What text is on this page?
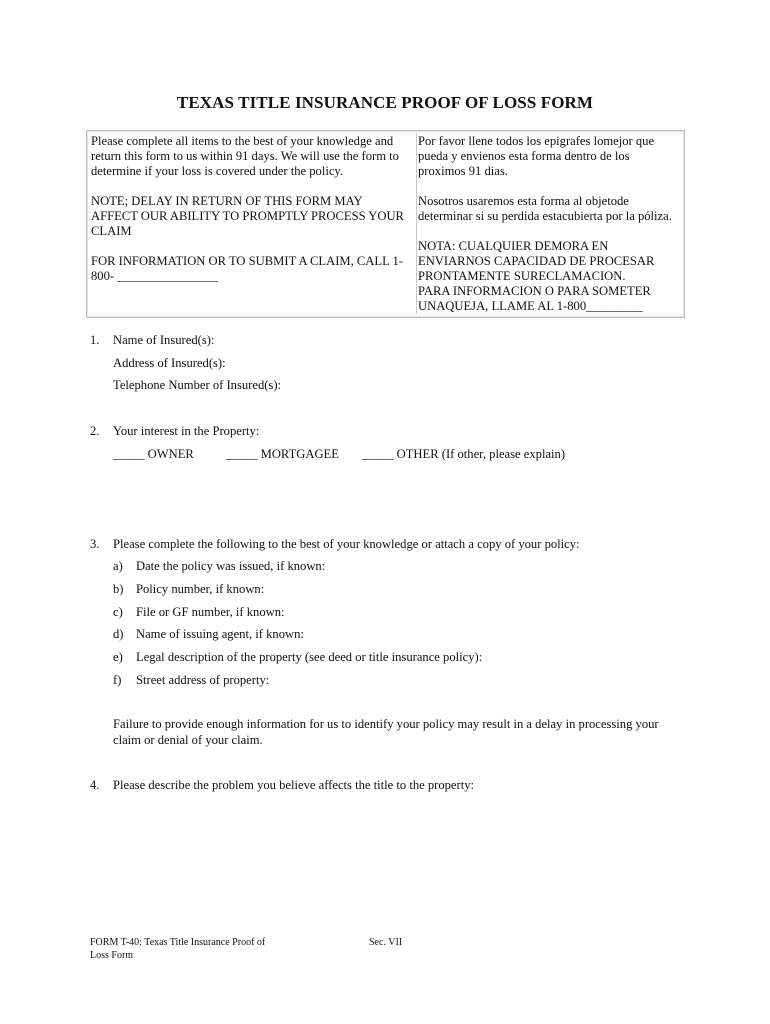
TEXAS TITLE INSURANCE PROOF OF LOSS FORM

Please complete all items to the best of your knowledge and
return this form to us within 91 days. We will use the form to
determine if your loss is covered under the policy.

NOTE; DELAY IN RETURN OF THIS FORM MAY
AFFECT OUR ABILITY TO PROMPTLY PROCESS YOUR
CLAIM

FOR INFORMATION OR TO SUBMIT A CLAIM, CALL 1-
800- ________________

Por favor llene todos los epigrafes lomejor que
pueda y envienos esta forma dentro de los
proximos 91 dias.

Nosotros usaremos esta forma al objetode
determinar si su perdida estacubierta por la póliza.

NOTA: CUALQUIER DEMORA EN
ENVIARNOS CAPACIDAD DE PROCESAR
PRONTAMENTE SURECLAMACION.
PARA INFORMACION O PARA SOMETER
UNAQUEJA, LLAME AL 1-800_________

1.	Name of Insured(s):
Address of Insured(s):
Telephone Number of Insured(s):
2.	Your interest in the Property:
_____ OWNER	_____ MORTGAGEE _____ OTHER (If other, please explain)
3.	Please complete the following to the best of your knowledge or attach a copy of your policy:
a) Date the policy was issued, if known:
b) Policy number, if known:
c) File or GF number, if known:
d) Name of issuing agent, if known:
e) Legal description of the property (see deed or title insurance policy):
f) Street address of property:
Failure to provide enough information for us to identify your policy may result in a delay in processing your
claim or denial of your claim.
4.	Please describe the problem you believe affects the title to the property:
FORM T-40: Texas Title Insurance Proof of
Loss Form
Sec. VII
